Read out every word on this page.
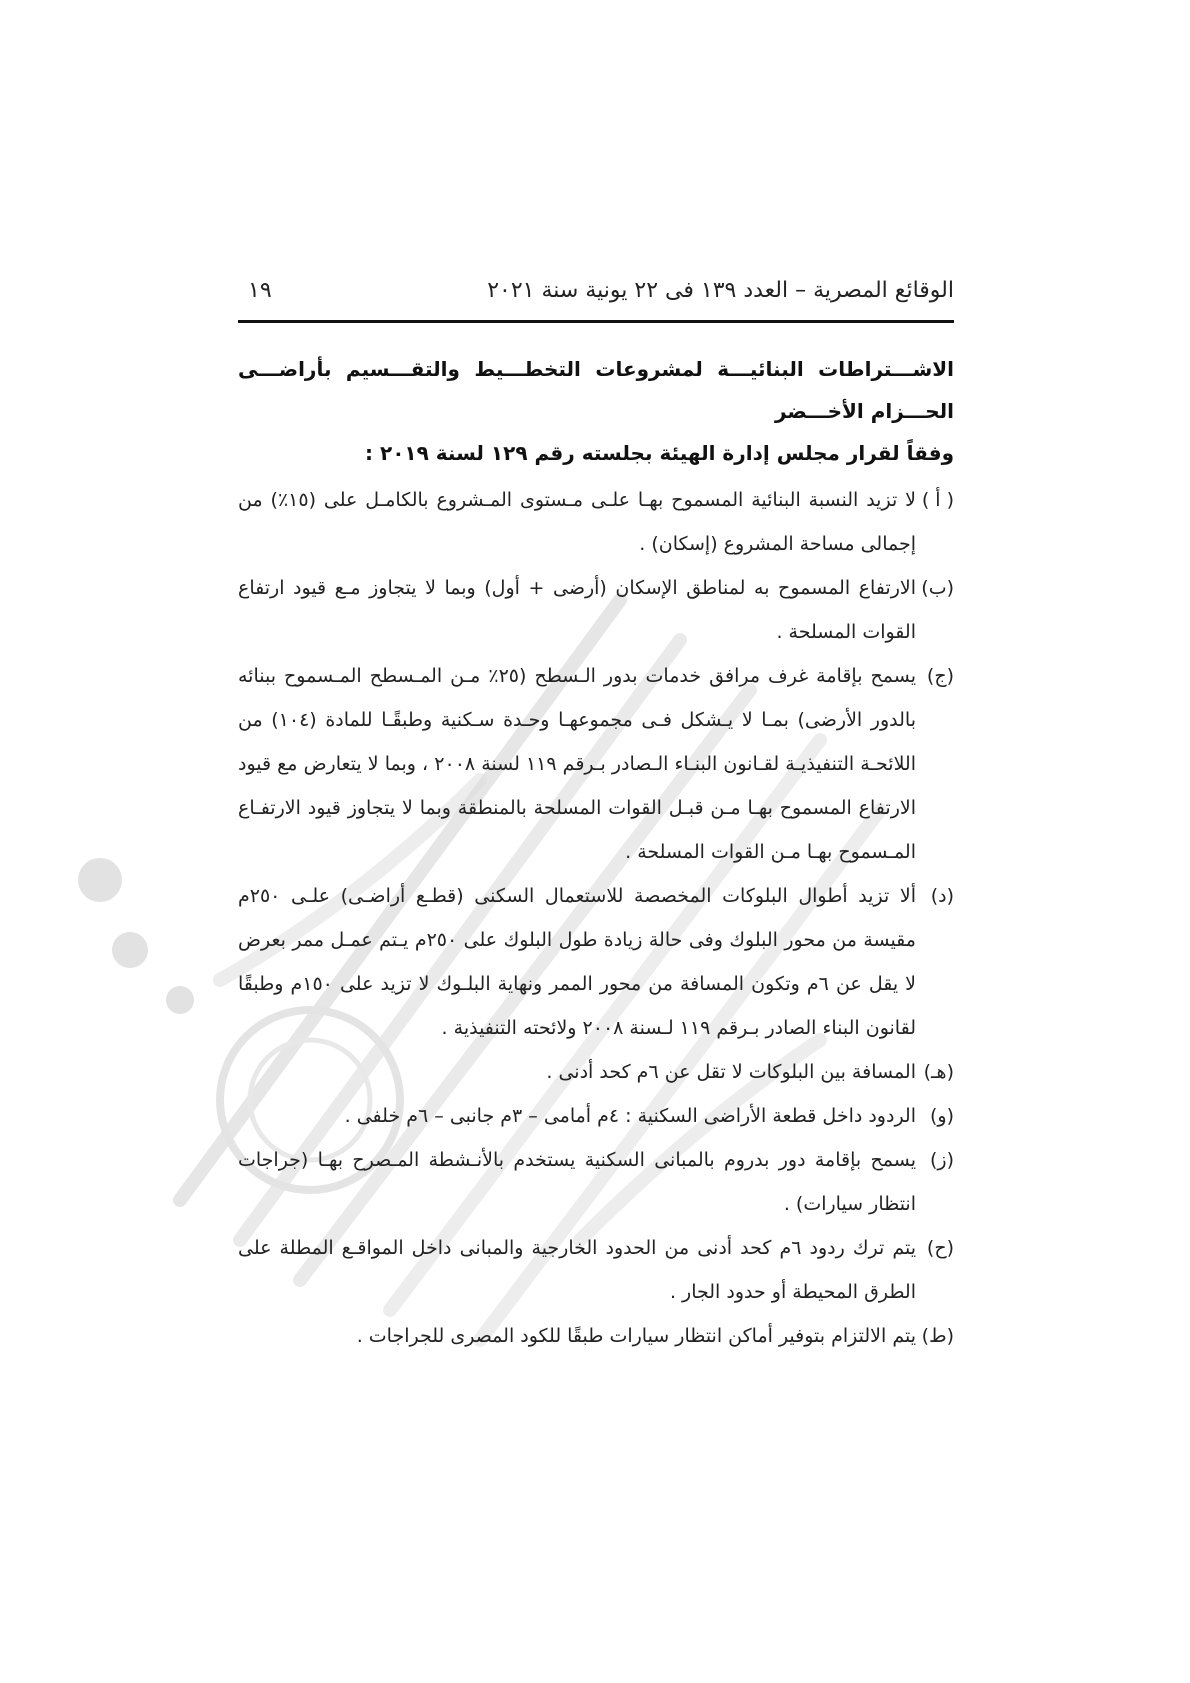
الوقائع المصرية – العدد ١٣٩ فى ٢٢ يونية سنة ٢٠٢١
١٩

الاشـــتراطات البنائيـــة لمشروعات التخطـــيط والتقـــسيم بأراضـــى الحـــزام الأخـــضر

وفقاً لقرار مجلس إدارة الهيئة بجلسته رقم ١٢٩ لسنة ٢٠١٩ :

( أ )
لا تزيد النسبة البنائية المسموح بهـا علـى مـستوى المـشروع بالكامـل على (١٥٪) من إجمالى مساحة المشروع (إسكان) .
(ب)
الارتفاع المسموح به لمناطق الإسكان (أرضى + أول) وبما لا يتجاوز مـع قيود ارتفاع القوات المسلحة .
(ج)
يسمح بإقامة غرف مرافق خدمات بدور الـسطح (٢٥٪ مـن المـسطح المـسموح ببنائه بالدور الأرضى) بمـا لا يـشكل فـى مجموعهـا وحـدة سـكنية وطبقًـا للمادة (١٠٤) من اللائحـة التنفيذيـة لقـانون البنـاء الـصادر بـرقم ١١٩ لسنة ٢٠٠٨ ، وبما لا يتعارض مع قيود الارتفاع المسموح بهـا مـن قبـل القوات المسلحة بالمنطقة وبما لا يتجاوز قيود الارتفـاع المـسموح بهـا مـن القوات المسلحة .
(د)
ألا تزيد أطوال البلوكات المخصصة للاستعمال السكنى (قطـع أراضـى) علـى ٢٥٠م مقيسة من محور البلوك وفى حالة زيادة طول البلوك على ٢٥٠م يـتم عمـل ممر بعرض لا يقل عن ٦م وتكون المسافة من محور الممر ونهاية البلـوك لا تزيد على ١٥٠م وطبقًا لقانون البناء الصادر بـرقم ١١٩ لـسنة ٢٠٠٨ ولائحته التنفيذية .
(هـ)
المسافة بين البلوكات لا تقل عن ٦م كحد أدنى .
(و)
الردود داخل قطعة الأراضى السكنية : ٤م أمامى – ٣م جانبى – ٦م خلفى .
(ز)
يسمح بإقامة دور بدروم بالمبانى السكنية يستخدم بالأنـشطة المـصرح بهـا (جراجات انتظار سيارات) .
(ح)
يتم ترك ردود ٦م كحد أدنى من الحدود الخارجية والمبانى داخل المواقـع المطلة على الطرق المحيطة أو حدود الجار .
(ط)
يتم الالتزام بتوفير أماكن انتظار سيارات طبقًا للكود المصرى للجراجات .
